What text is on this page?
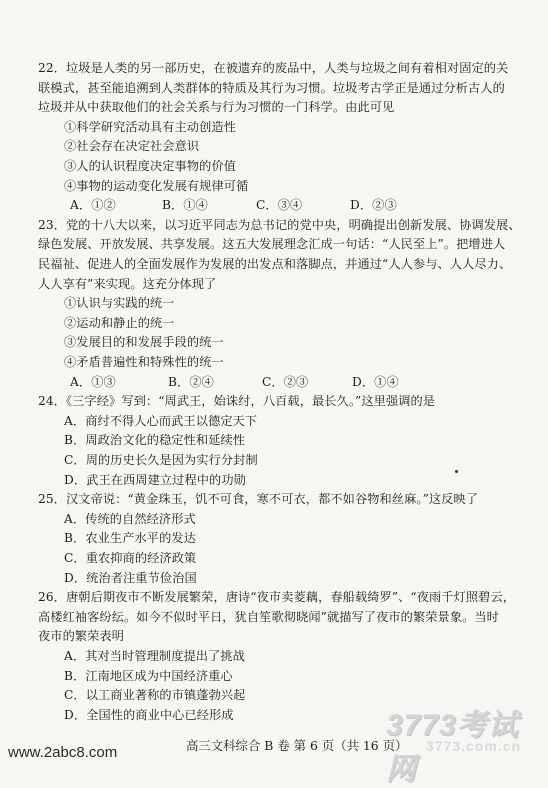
22．垃圾是人类的另一部历史，在被遗弃的废品中，人类与垃圾之间有着相对固定的关
联模式，甚至能追溯到人类群体的特质及其行为习惯。垃圾考古学正是通过分析古人的
垃圾并从中获取他们的社会关系与行为习惯的一门科学。由此可见
①科学研究活动具有主动创造性
②社会存在决定社会意识
③人的认识程度决定事物的价值
④事物的运动变化发展有规律可循
A．①②	B．①④	C．③④	D．②③
23．党的十八大以来，以习近平同志为总书记的党中央，明确提出创新发展、协调发展、
绿色发展、开放发展、共享发展。这五大发展理念汇成一句话：“人民至上”。把增进人
民福祉、促进人的全面发展作为发展的出发点和落脚点，并通过“人人参与、人人尽力、
人人享有”来实现。这充分体现了
①认识与实践的统一
②运动和静止的统一
③发展目的和发展手段的统一
④矛盾普遍性和特殊性的统一
A．①③	B．②④	C．②③	D．①④
24．《三字经》写到：“周武王，始诛纣，八百载，最长久。”这里强调的是
A．商纣不得人心而武王以德定天下
B．周政治文化的稳定性和延续性
C．周的历史长久是因为实行分封制
D．武王在西周建立过程中的功勋
25．汉文帝说：“黄金珠玉，饥不可食，寒不可衣，都不如谷物和丝麻。”这反映了
A．传统的自然经济形式
B．农业生产水平的发达
C．重农抑商的经济政策
D．统治者注重节俭治国
www.2abc8.com	高三文科综合 B 卷 第 6 页（共 16 页）
3773考试网
3773.com.cn
26．唐朝后期夜市不断发展繁荣，唐诗“夜市卖菱藕，春船载绮罗”、“夜雨千灯照碧云，
高楼红袖客纷纭。如今不似时平日，犹自笙歌彻晓闻”就描写了夜市的繁荣景象。当时
夜市的繁荣表明
A．其对当时管理制度提出了挑战
B．江南地区成为中国经济重心
C．以工商业著称的市镇蓬勃兴起
D．全国性的商业中心已经形成
